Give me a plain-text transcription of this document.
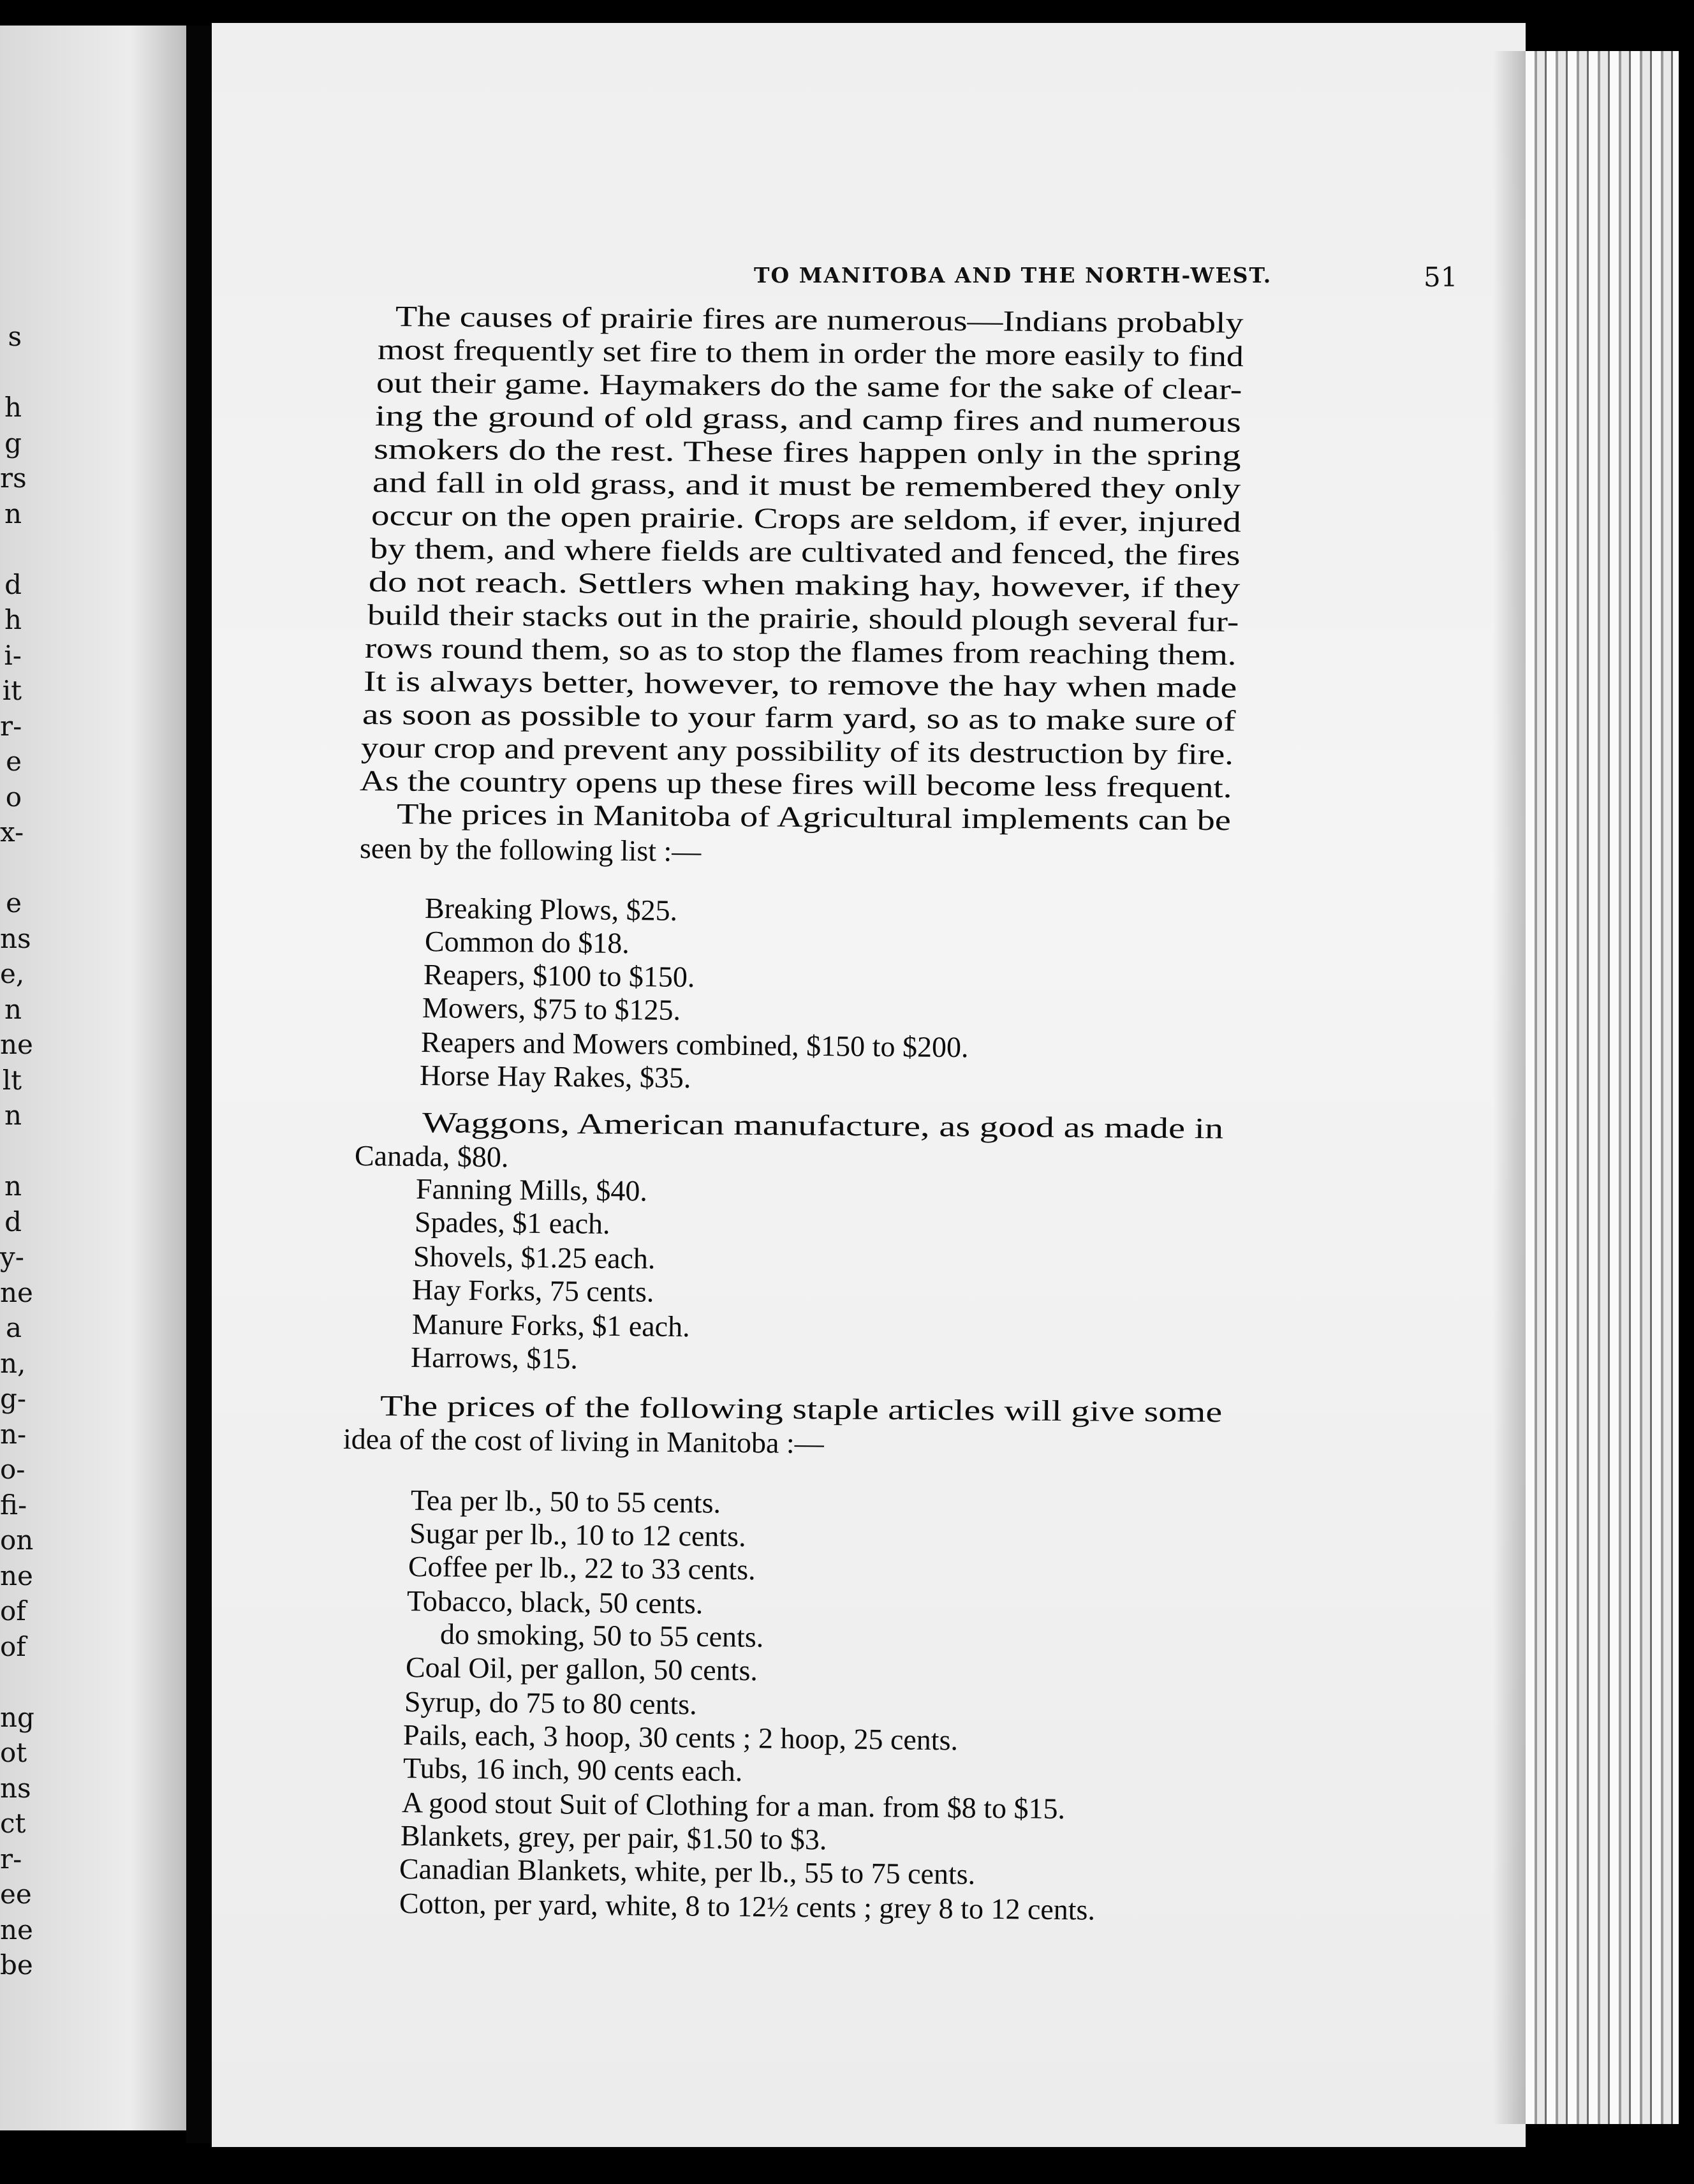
s
h
g
rs
n
d
h
i-
it
r-
e
o
x-
e
ns
e,
n
ne
lt
n
n
d
y-
ne
a
n,
g-
n-
o-
fi-
on
ne
of
of
ng
ot
ns
ct
r-
ee
ne
be
TO MANITOBA AND THE NORTH-WEST.	51
The causes of prairie fires are numerous—Indians probably
most frequently set fire to them in order the more easily to find
out their game. Haymakers do the same for the sake of clear-
ing the ground of old grass, and camp fires and numerous
smokers do the rest. These fires happen only in the spring
and fall in old grass, and it must be remembered they only
occur on the open prairie. Crops are seldom, if ever, injured
by them, and where fields are cultivated and fenced, the fires
do not reach. Settlers when making hay, however, if they
build their stacks out in the prairie, should plough several fur-
rows round them, so as to stop the flames from reaching them.
It is always better, however, to remove the hay when made
as soon as possible to your farm yard, so as to make sure of
your crop and prevent any possibility of its destruction by fire.
As the country opens up these fires will become less frequent.
The prices in Manitoba of Agricultural implements can be
seen by the following list :—
Breaking Plows, $25.
Common do $18.
Reapers, $100 to $150.
Mowers, $75 to $125.
Reapers and Mowers combined, $150 to $200.
Horse Hay Rakes, $35.
Waggons, American manufacture, as good as made in
Canada, $80.
Fanning Mills, $40.
Spades, $1 each.
Shovels, $1.25 each.
Hay Forks, 75 cents.
Manure Forks, $1 each.
Harrows, $15.
The prices of the following staple articles will give some
idea of the cost of living in Manitoba :—
Tea per lb., 50 to 55 cents.
Sugar per lb., 10 to 12 cents.
Coffee per lb., 22 to 33 cents.
Tobacco, black, 50 cents.
do smoking, 50 to 55 cents.
Coal Oil, per gallon, 50 cents.
Syrup, do 75 to 80 cents.
Pails, each, 3 hoop, 30 cents ; 2 hoop, 25 cents.
Tubs, 16 inch, 90 cents each.
A good stout Suit of Clothing for a man. from $8 to $15.
Blankets, grey, per pair, $1.50 to $3.
Canadian Blankets, white, per lb., 55 to 75 cents.
Cotton, per yard, white, 8 to 12½ cents ; grey 8 to 12 cents.
